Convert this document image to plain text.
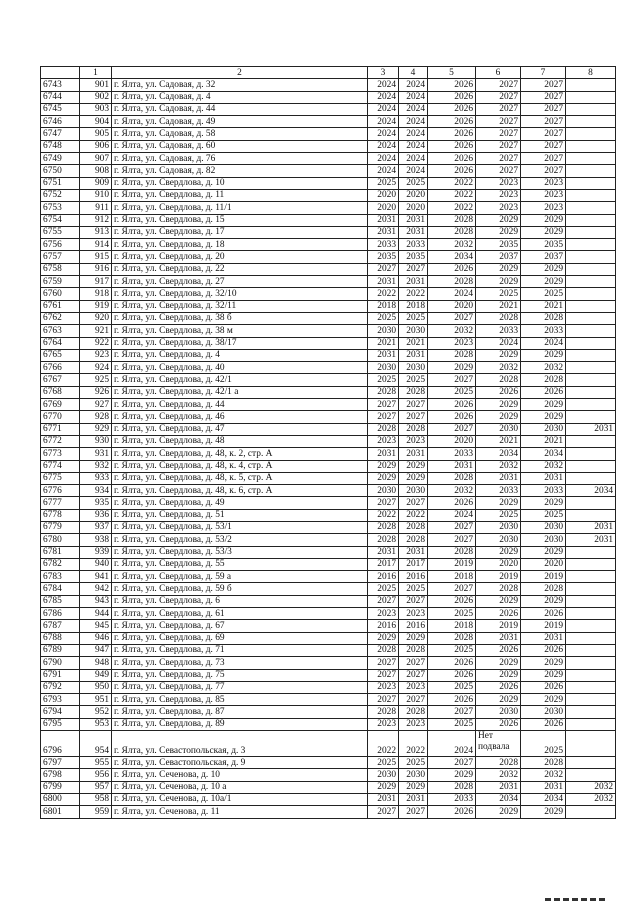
	1	2	3	4	5	6	7	8
6743	901	г. Ялта, ул. Садовая, д. 32	2024	2024	2026	2027	2027	
6744	902	г. Ялта, ул. Садовая, д. 4	2024	2024	2026	2027	2027	
6745	903	г. Ялта, ул. Садовая, д. 44	2024	2024	2026	2027	2027	
6746	904	г. Ялта, ул. Садовая, д. 49	2024	2024	2026	2027	2027	
6747	905	г. Ялта, ул. Садовая, д. 58	2024	2024	2026	2027	2027	
6748	906	г. Ялта, ул. Садовая, д. 60	2024	2024	2026	2027	2027	
6749	907	г. Ялта, ул. Садовая, д. 76	2024	2024	2026	2027	2027	
6750	908	г. Ялта, ул. Садовая, д. 82	2024	2024	2026	2027	2027	
6751	909	г. Ялта, ул. Свердлова, д. 10	2025	2025	2022	2023	2023	
6752	910	г. Ялта, ул. Свердлова, д. 11	2020	2020	2022	2023	2023	
6753	911	г. Ялта, ул. Свердлова, д. 11/1	2020	2020	2022	2023	2023	
6754	912	г. Ялта, ул. Свердлова, д. 15	2031	2031	2028	2029	2029	
6755	913	г. Ялта, ул. Свердлова, д. 17	2031	2031	2028	2029	2029	
6756	914	г. Ялта, ул. Свердлова, д. 18	2033	2033	2032	2035	2035	
6757	915	г. Ялта, ул. Свердлова, д. 20	2035	2035	2034	2037	2037	
6758	916	г. Ялта, ул. Свердлова, д. 22	2027	2027	2026	2029	2029	
6759	917	г. Ялта, ул. Свердлова, д. 27	2031	2031	2028	2029	2029	
6760	918	г. Ялта, ул. Свердлова, д. 32/10	2022	2022	2024	2025	2025	
6761	919	г. Ялта, ул. Свердлова, д. 32/11	2018	2018	2020	2021	2021	
6762	920	г. Ялта, ул. Свердлова, д. 38 б	2025	2025	2027	2028	2028	
6763	921	г. Ялта, ул. Свердлова, д. 38 м	2030	2030	2032	2033	2033	
6764	922	г. Ялта, ул. Свердлова, д. 38/17	2021	2021	2023	2024	2024	
6765	923	г. Ялта, ул. Свердлова, д. 4	2031	2031	2028	2029	2029	
6766	924	г. Ялта, ул. Свердлова, д. 40	2030	2030	2029	2032	2032	
6767	925	г. Ялта, ул. Свердлова, д. 42/1	2025	2025	2027	2028	2028	
6768	926	г. Ялта, ул. Свердлова, д. 42/1 а	2028	2028	2025	2026	2026	
6769	927	г. Ялта, ул. Свердлова, д. 44	2027	2027	2026	2029	2029	
6770	928	г. Ялта, ул. Свердлова, д. 46	2027	2027	2026	2029	2029	
6771	929	г. Ялта, ул. Свердлова, д. 47	2028	2028	2027	2030	2030	2031
6772	930	г. Ялта, ул. Свердлова, д. 48	2023	2023	2020	2021	2021	
6773	931	г. Ялта, ул. Свердлова, д. 48, к. 2, стр. А	2031	2031	2033	2034	2034	
6774	932	г. Ялта, ул. Свердлова, д. 48, к. 4, стр. А	2029	2029	2031	2032	2032	
6775	933	г. Ялта, ул. Свердлова, д. 48, к. 5, стр. А	2029	2029	2028	2031	2031	
6776	934	г. Ялта, ул. Свердлова, д. 48, к. 6, стр. А	2030	2030	2032	2033	2033	2034
6777	935	г. Ялта, ул. Свердлова, д. 49	2027	2027	2026	2029	2029	
6778	936	г. Ялта, ул. Свердлова, д. 51	2022	2022	2024	2025	2025	
6779	937	г. Ялта, ул. Свердлова, д. 53/1	2028	2028	2027	2030	2030	2031
6780	938	г. Ялта, ул. Свердлова, д. 53/2	2028	2028	2027	2030	2030	2031
6781	939	г. Ялта, ул. Свердлова, д. 53/3	2031	2031	2028	2029	2029	
6782	940	г. Ялта, ул. Свердлова, д. 55	2017	2017	2019	2020	2020	
6783	941	г. Ялта, ул. Свердлова, д. 59 а	2016	2016	2018	2019	2019	
6784	942	г. Ялта, ул. Свердлова, д. 59 б	2025	2025	2027	2028	2028	
6785	943	г. Ялта, ул. Свердлова, д. 6	2027	2027	2026	2029	2029	
6786	944	г. Ялта, ул. Свердлова, д. 61	2023	2023	2025	2026	2026	
6787	945	г. Ялта, ул. Свердлова, д. 67	2016	2016	2018	2019	2019	
6788	946	г. Ялта, ул. Свердлова, д. 69	2029	2029	2028	2031	2031	
6789	947	г. Ялта, ул. Свердлова, д. 71	2028	2028	2025	2026	2026	
6790	948	г. Ялта, ул. Свердлова, д. 73	2027	2027	2026	2029	2029	
6791	949	г. Ялта, ул. Свердлова, д. 75	2027	2027	2026	2029	2029	
6792	950	г. Ялта, ул. Свердлова, д. 77	2023	2023	2025	2026	2026	
6793	951	г. Ялта, ул. Свердлова, д. 85	2027	2027	2026	2029	2029	
6794	952	г. Ялта, ул. Свердлова, д. 87	2028	2028	2027	2030	2030	
6795	953	г. Ялта, ул. Свердлова, д. 89	2023	2023	2025	2026	2026	
6796	954	г. Ялта, ул. Севастопольская, д. 3	2022	2022	2024	Нет подвала	2025	
6797	955	г. Ялта, ул. Севастопольская, д. 9	2025	2025	2027	2028	2028	
6798	956	г. Ялта, ул. Сеченова, д. 10	2030	2030	2029	2032	2032	
6799	957	г. Ялта, ул. Сеченова, д. 10 а	2029	2029	2028	2031	2031	2032
6800	958	г. Ялта, ул. Сеченова, д. 10а/1	2031	2031	2033	2034	2034	2032
6801	959	г. Ялта, ул. Сеченова, д. 11	2027	2027	2026	2029	2029	
